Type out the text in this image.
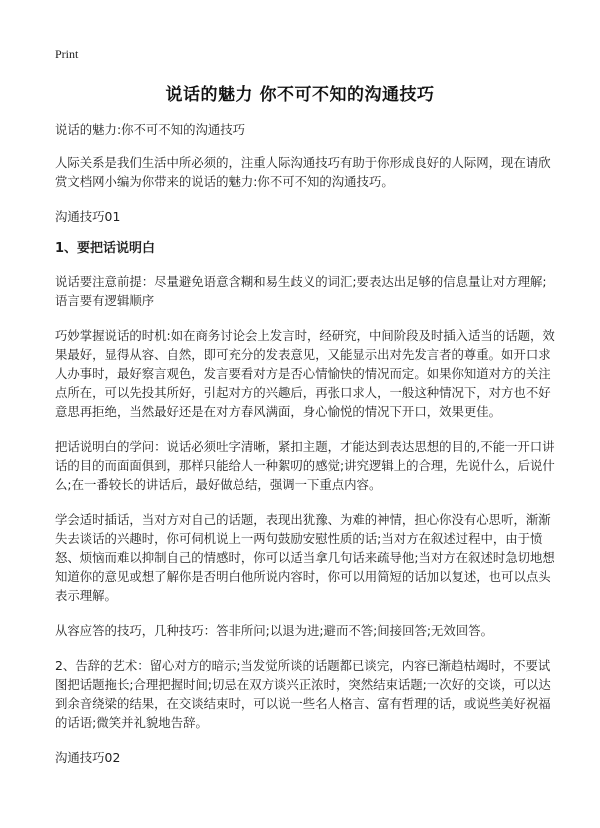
Print
说话的魅力 你不可不知的沟通技巧

说话的魅力:你不可不知的沟通技巧

人际关系是我们生活中所必须的，注重人际沟通技巧有助于你形成良好的人际网，现在请欣赏文档网小编为你带来的说话的魅力:你不可不知的沟通技巧。

沟通技巧01

1、要把话说明白

说话要注意前提：尽量避免语意含糊和易生歧义的词汇;要表达出足够的信息量让对方理解;语言要有逻辑顺序

巧妙掌握说话的时机:如在商务讨论会上发言时，经研究，中间阶段及时插入适当的话题，效果最好，显得从容、自然，即可充分的发表意见，又能显示出对先发言者的尊重。如开口求人办事时，最好察言观色，发言要看对方是否心情愉快的情况而定。如果你知道对方的关注点所在，可以先投其所好，引起对方的兴趣后，再张口求人，一般这种情况下，对方也不好意思再拒绝，当然最好还是在对方春风满面，身心愉悦的情况下开口，效果更佳。

把话说明白的学问：说话必须吐字清晰，紧扣主题，才能达到表达思想的目的,不能一开口讲话的目的而面面俱到，那样只能给人一种絮叨的感觉;讲究逻辑上的合理，先说什么，后说什么;在一番较长的讲话后，最好做总结，强调一下重点内容。

学会适时插话，当对方对自己的话题，表现出犹豫、为难的神情，担心你没有心思听，渐渐失去谈话的兴趣时，你可伺机说上一两句鼓励安慰性质的话;当对方在叙述过程中，由于愤怒、烦恼而难以抑制自己的情感时，你可以适当拿几句话来疏导他;当对方在叙述时急切地想知道你的意见或想了解你是否明白他所说内容时，你可以用简短的话加以复述，也可以点头表示理解。

从容应答的技巧，几种技巧：答非所问;以退为进;避而不答;间接回答;无效回答。

2、告辞的艺术：留心对方的暗示;当发觉所谈的话题都已谈完，内容已渐趋枯竭时，不要试图把话题拖长;合理把握时间;切忌在双方谈兴正浓时，突然结束话题;一次好的交谈，可以达到余音绕梁的结果，在交谈结束时，可以说一些名人格言、富有哲理的话，或说些美好祝福的话语;微笑并礼貌地告辞。

沟通技巧02
